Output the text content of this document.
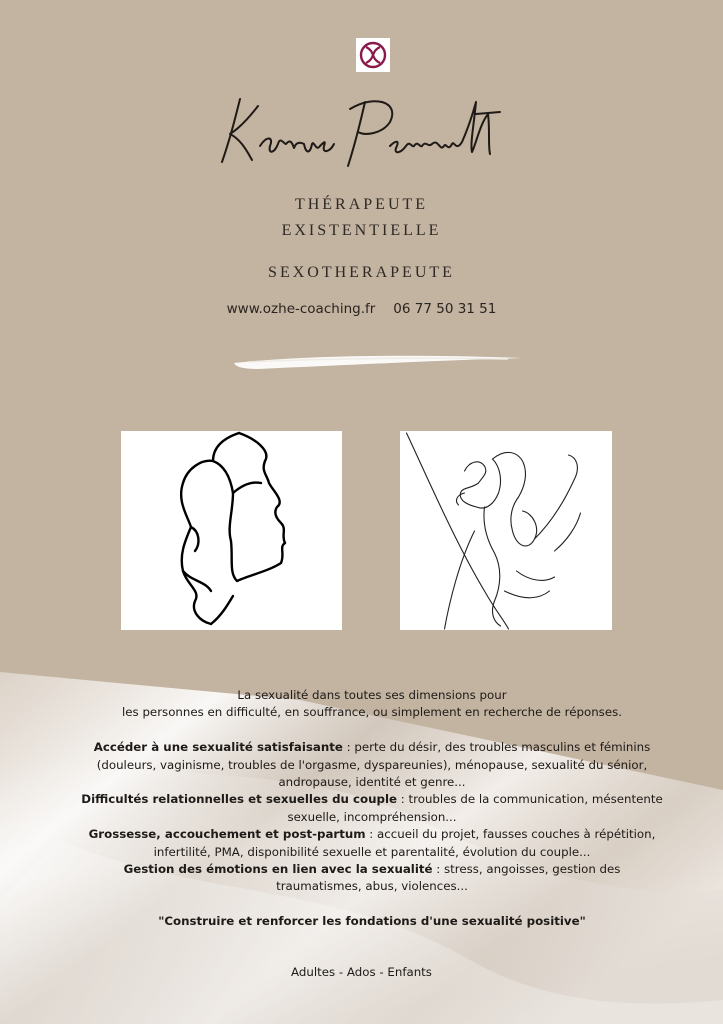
THÉRAPEUTE
EXISTENTIELLE
SEXOTHERAPEUTE
www.ozhe-coaching.fr 06 77 50 31 51

La sexualité dans toutes ses dimensions pour

les personnes en difficulté, en souffrance, ou simplement en recherche de réponses.

Accéder à une sexualité satisfaisante : perte du désir, des troubles masculins et féminins (douleurs, vaginisme, troubles de l'orgasme, dyspareunies), ménopause, sexualité du sénior, andropause, identité et genre...

Difficultés relationnelles et sexuelles du couple : troubles de la communication, mésentente sexuelle, incompréhension...

Grossesse, accouchement et post-partum : accueil du projet, fausses couches à répétition, infertilité, PMA, disponibilité sexuelle et parentalité, évolution du couple...

Gestion des émotions en lien avec la sexualité : stress, angoisses, gestion des traumatismes, abus, violences...

"Construire et renforcer les fondations d'une sexualité positive"

Adultes - Ados - Enfants
